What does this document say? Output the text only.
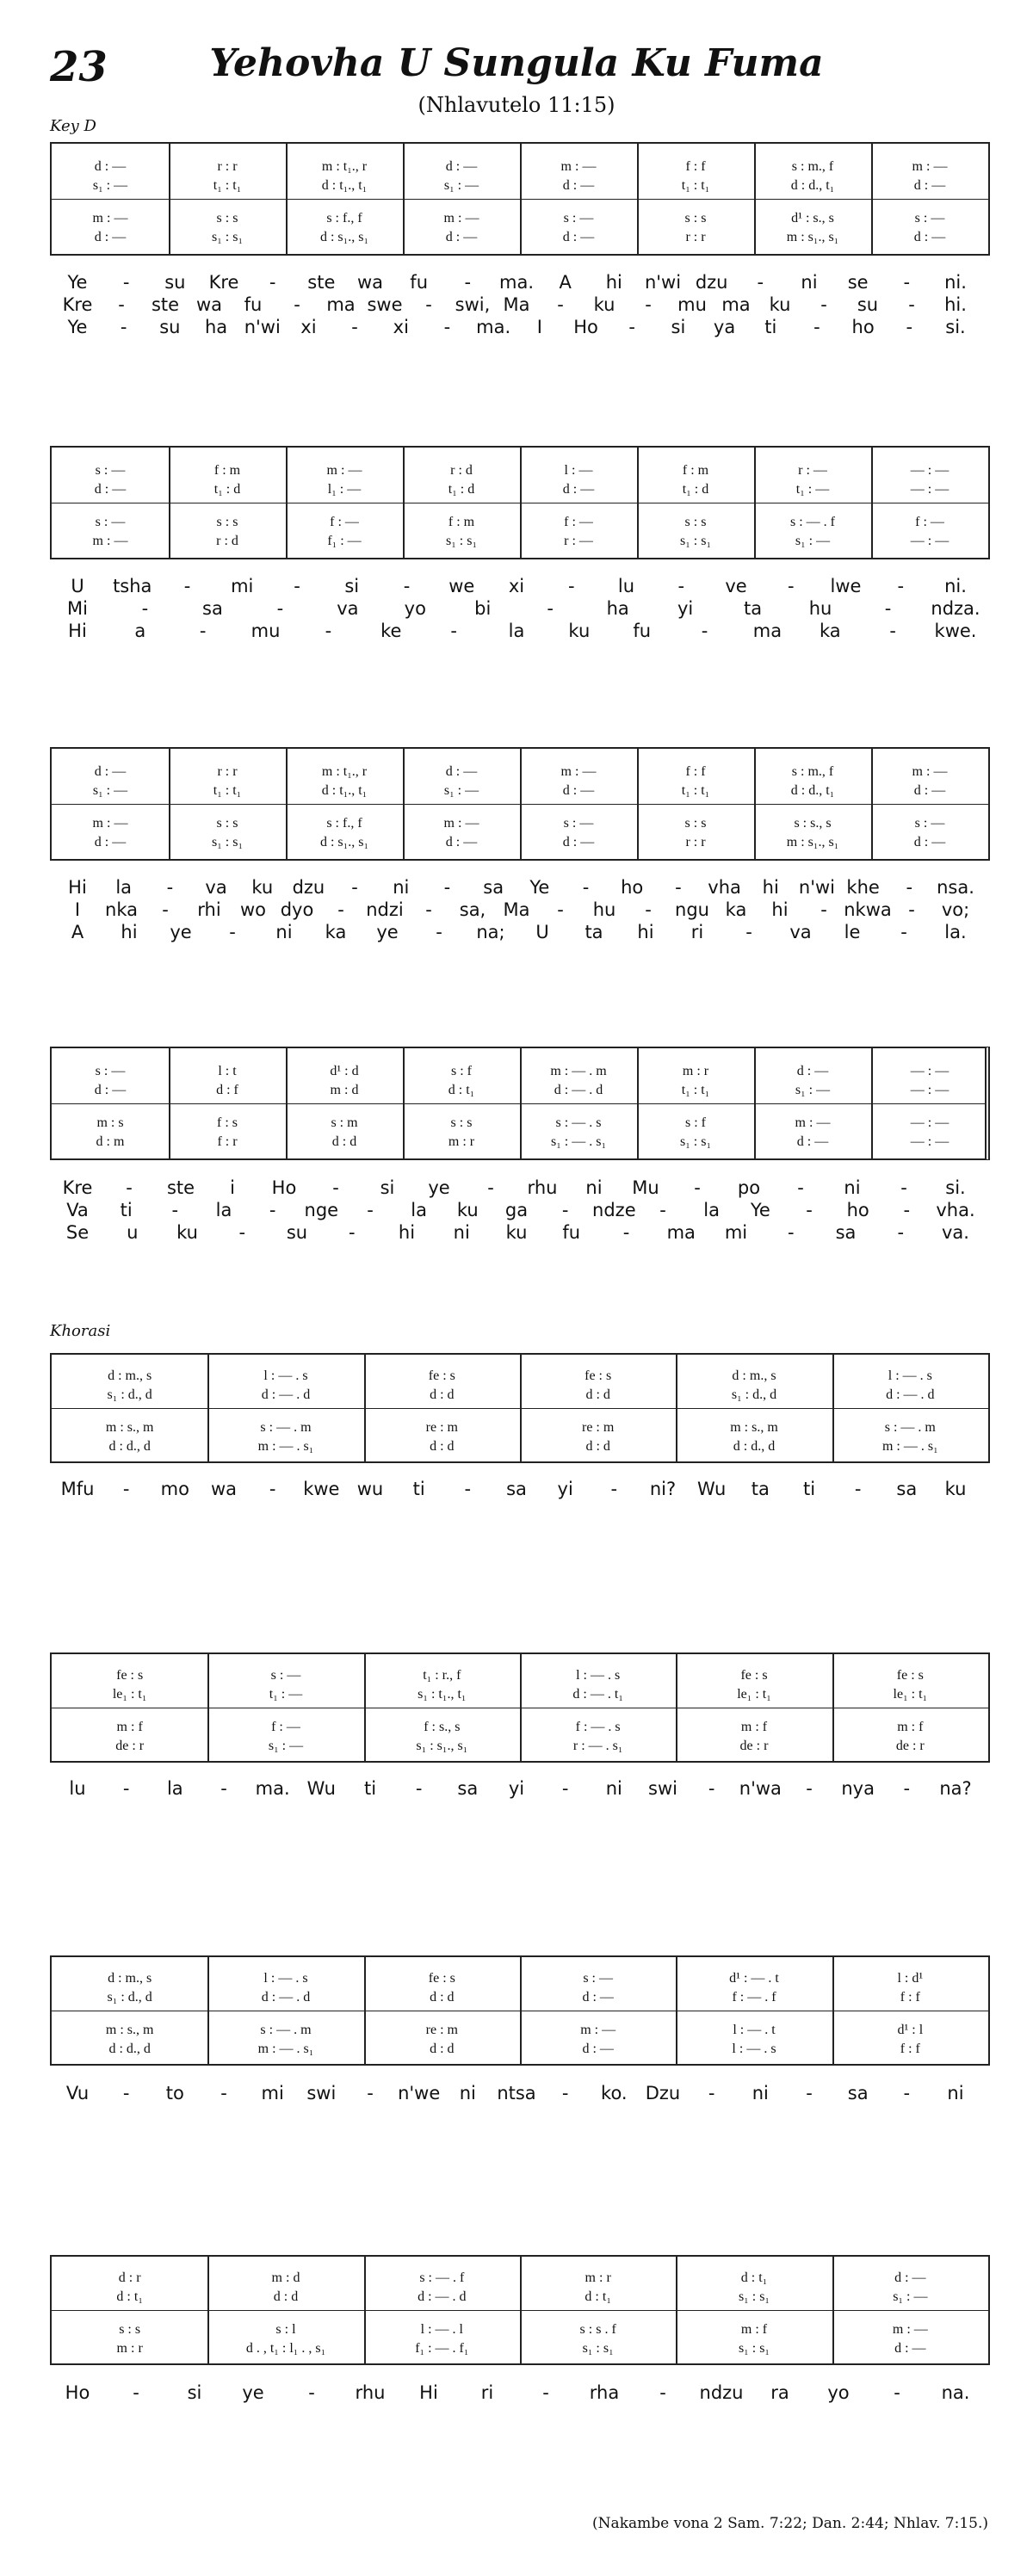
23	Yehovha U Sungula Ku Fuma
(Nhlavutelo 11:15)
Key D
Khorasi
d : —	r : r	m : t₁., r	d : —	m : —	f : f	s : m., f	m : —
s₁ : —	t₁ : t₁	d : t₁., t₁	s₁ : —	d : —	t₁ : t₁	d : d., t₁	d : —
m : —	s : s	s : f., f	m : —	s : —	s : s	d¹ : s., s	s : —
d : —	s₁ : s₁	d : s₁., s₁	d : —	d : —	r : r	m : s₁., s₁	d : —
Ye - su Kre - ste wa fu - ma. A hi n'wi dzu - ni se - ni.
Kre - ste wa fu - ma swe - swi, Ma - ku - mu ma ku - su - hi.
Ye - su ha n'wi xi - xi - ma. I Ho - si ya ti - ho - si.
s : —	f : m	m : —	r : d	l : —	f : m	r : —	— : —
d : —	t₁ : d	l₁ : —	t₁ : d	d : —	t₁ : d	t₁ : —	— : —
s : —	s : s	f : —	f : m	f : —	s : s	s : — . f	f : —
m : —	r : d	f₁ : —	s₁ : s₁	r : —	s₁ : s₁	s₁ : —	— : —
U tsha - mi - si - we xi - lu - ve - lwe - ni.
Mi	-	sa	-	va	yo	bi	-	ha	yi	ta	hu	- ndza.
Hi	a	- mu -	ke	-	la ku fu	- ma ka	- kwe.
d : —	r : r	m : t₁., r	d : —	m : —	f : f	s : m., f	m : —
s₁ : —	t₁ : t₁	d : t₁., t₁	s₁ : —	d : —	t₁ : t₁	d : d., t₁	d : —
m : —	s : s	s : f., f	m : —	s : —	s : s	s : s., s	s : —
d : —	s₁ : s₁	d : s₁., s₁	d : —	d : —	r : r	m : s₁., s₁	d : —
Hi la - va ku dzu - ni - sa Ye - ho - vha hi n'wi khe - nsa.
I nka - rhi wo dyo - ndzi - sa, Ma - hu - ngu ka hi - nkwa - vo;
A hi ye - ni ka ye - na; U ta hi ri - va le - la.
s : —	l : t	d¹ : d	s : f	m : — . m	m : r	d : —	— : —
d : —	d : f	m : d	d : t₁	d : — . d	t₁ : t₁	s₁ : —	— : —
m : s	f : s	s : m	s : s	s : — . s	s : f	m : —	— : —
d : m	f : r	d : d	m : r	s₁ : — . s₁	s₁ : s₁	d : —	— : —
Kre - ste i Ho - si ye - rhu ni Mu - po - ni - si.
Va ti - la - nge - la ku ga - ndze - la Ye - ho - vha.
Se u ku - su - hi ni ku fu - ma mi - sa - va.
d : m., s	l : — . s	fe : s	fe : s	d : m., s	l : — . s
s₁ : d., d	d : — . d	d : d	d : d	s₁ : d., d	d : — . d
m : s., m	s : — . m	re : m	re : m	m : s., m	s : — . m
d : d., d	m : — . s₁	d : d	d : d	d : d., d	m : — . s₁
Mfu - mo wa - kwe wu ti - sa yi - ni? Wu ta ti - sa ku
fe : s	s : —	t₁ : r., f	l : — . s	fe : s	fe : s
le₁ : t₁	t₁ : —	s₁ : t₁., t₁	d : — . t₁	le₁ : t₁	le₁ : t₁
m : f	f : —	f : s., s	f : — . s	m : f	m : f
de : r	s₁ : —	s₁ : s₁., s₁	r : — . s₁	de : r	de : r
lu - la - ma. Wu ti - sa yi - ni swi - n'wa - nya - na?
d : m., s	l : — . s	fe : s	s : —	d¹ : — . t	l : d¹
s₁ : d., d	d : — . d	d : d	d : —	f : — . f	f : f
m : s., m	s : — . m	re : m	m : —	l : — . t	d¹ : l
d : d., d	m : — . s₁	d : d	d : —	l : — . s	f : f
Vu - to - mi swi - n'we ni ntsa - ko. Dzu - ni - sa - ni
d : r	m : d	s : — . f	m : r	d : t₁	d : —
d : t₁	d : d	d : — . d	d : t₁	s₁ : s₁	s₁ : —
s : s	s : l	l : — . l	s : s . f	m : f	m : —
m : r	d . , t₁ : l₁ . , s₁	f₁ : — . f₁	s₁ : s₁	s₁ : s₁	d : —
Ho -	si ye - rhu Hi ri	- rha - ndzu ra yo - na.
(Nakambe vona 2 Sam. 7:22; Dan. 2:44; Nhlav. 7:15.)
